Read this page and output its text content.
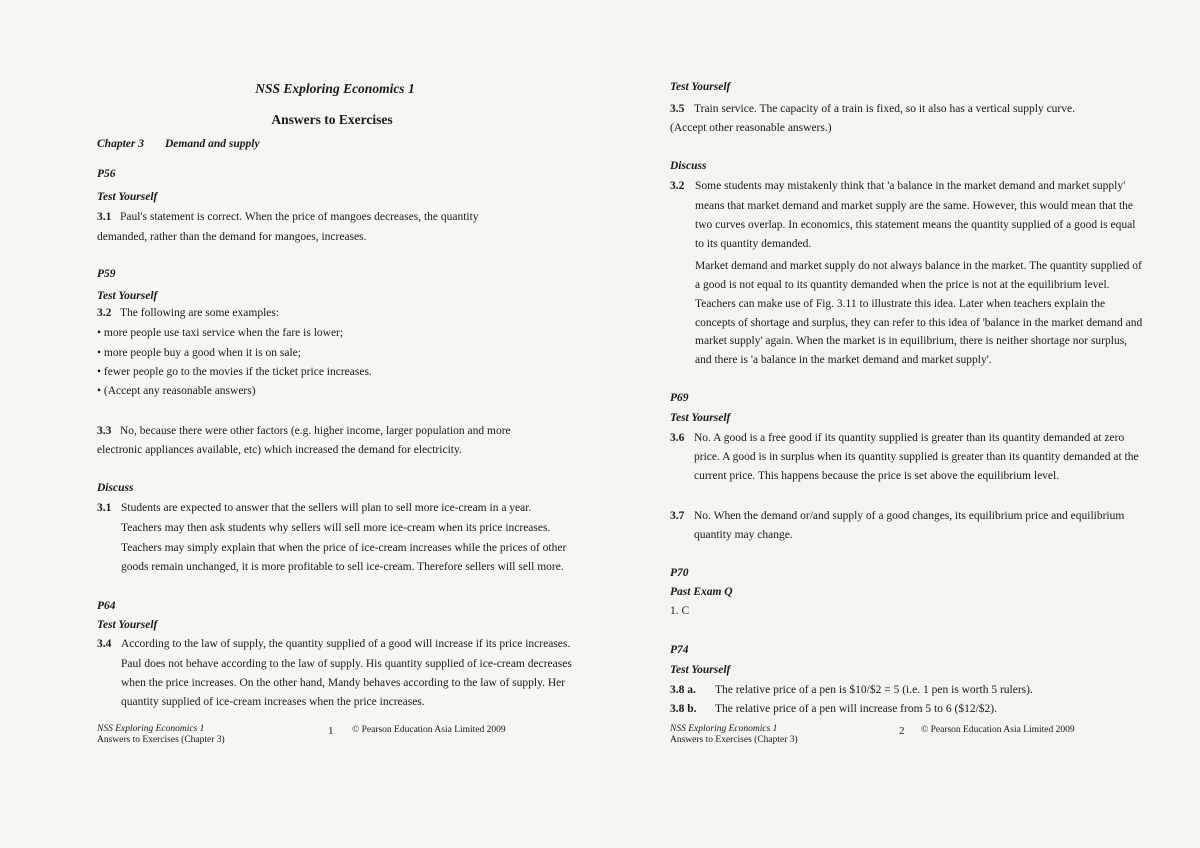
NSS Exploring Economics 1
Answers to Exercises
Chapter 3 Demand and supply
P56
Test Yourself
3.1 Paul's statement is correct. When the price of mangoes decreases, the quantity
demanded, rather than the demand for mangoes, increases.
P59
Test Yourself
3.2 The following are some examples:
• more people use taxi service when the fare is lower;
• more people buy a good when it is on sale;
• fewer people go to the movies if the ticket price increases.
• (Accept any reasonable answers)
3.3 No, because there were other factors (e.g. higher income, larger population and more
electronic appliances available, etc) which increased the demand for electricity.
Discuss
3.1 Students are expected to answer that the sellers will plan to sell more ice-cream in a year.
Teachers may then ask students why sellers will sell more ice-cream when its price increases.
Teachers may simply explain that when the price of ice-cream increases while the prices of other
goods remain unchanged, it is more profitable to sell ice-cream. Therefore sellers will sell more.
P64
Test Yourself
3.4 According to the law of supply, the quantity supplied of a good will increase if its price increases.
Paul does not behave according to the law of supply. His quantity supplied of ice-cream decreases
when the price increases. On the other hand, Mandy behaves according to the law of supply. Her
quantity supplied of ice-cream increases when the price increases.
NSS Exploring Economics 1
Answers to Exercises (Chapter 3)
1 © Pearson Education Asia Limited 2009
Test Yourself
3.5 Train service. The capacity of a train is fixed, so it also has a vertical supply curve.
(Accept other reasonable answers.)
Discuss
3.2 Some students may mistakenly think that 'a balance in the market demand and market supply'
means that market demand and market supply are the same. However, this would mean that the
two curves overlap. In economics, this statement means the quantity supplied of a good is equal
to its quantity demanded.
Market demand and market supply do not always balance in the market. The quantity supplied of
a good is not equal to its quantity demanded when the price is not at the equilibrium level.
Teachers can make use of Fig. 3.11 to illustrate this idea. Later when teachers explain the
concepts of shortage and surplus, they can refer to this idea of 'balance in the market demand and
market supply' again. When the market is in equilibrium, there is neither shortage nor surplus,
and there is 'a balance in the market demand and market supply'.
P69
Test Yourself
3.6 No. A good is a free good if its quantity supplied is greater than its quantity demanded at zero
price. A good is in surplus when its quantity supplied is greater than its quantity demanded at the
current price. This happens because the price is set above the equilibrium level.
3.7 No. When the demand or/and supply of a good changes, its equilibrium price and equilibrium
quantity may change.
P70
Past Exam Q
1. C
P74
Test Yourself
3.8 a. The relative price of a pen is $10/$2 = 5 (i.e. 1 pen is worth 5 rulers).
3.8 b. The relative price of a pen will increase from 5 to 6 ($12/$2).
NSS Exploring Economics 1
Answers to Exercises (Chapter 3)
2 © Pearson Education Asia Limited 2009
